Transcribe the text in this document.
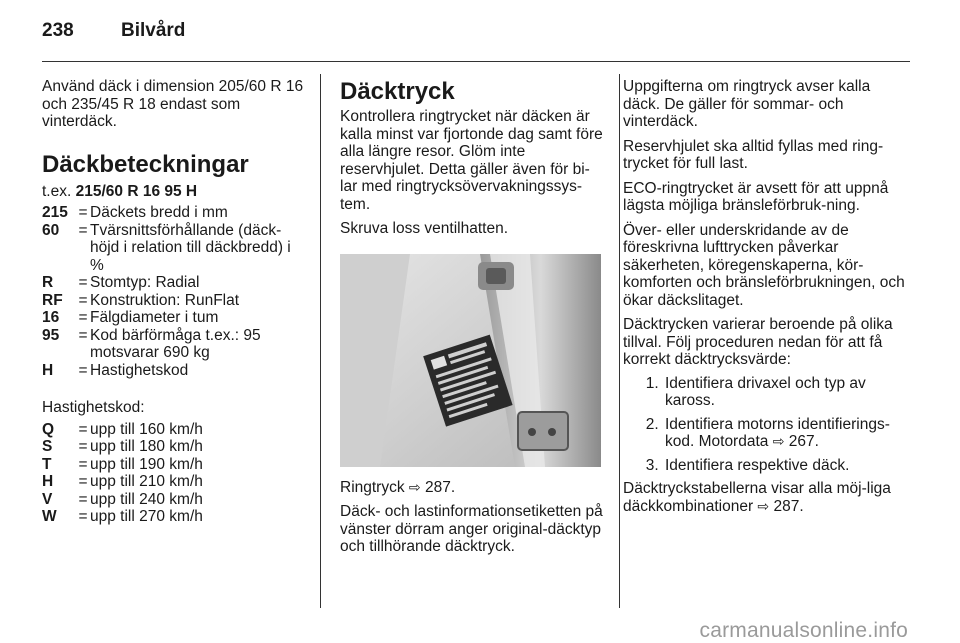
238 Bilvård

Använd däck i dimension 205/60 R 16 och 235/45 R 18 endast som vinterdäck.

Däckbeteckningar

t.ex. 215/60 R 16 95 H

215 = Däckets bredd i mm
60	= Tvärsnittsförhållande (däck-höjd i relation till däckbredd) i %
R	= Stomtyp: Radial
RF	= Konstruktion: RunFlat
16	= Fälgdiameter i tum
95	= Kod bärförmåga t.ex.: 95 motsvarar 690 kg
H	= Hastighetskod

Hastighetskod:

Q	= upp till 160 km/h
S	= upp till 180 km/h
T	= upp till 190 km/h
H	= upp till 210 km/h
V	= upp till 240 km/h
W	= upp till 270 km/h
Däcktryck

Kontrollera ringtrycket när däcken är kalla minst var fjortonde dag samt före alla längre resor. Glöm inte reservhjulet. Detta gäller även för bi-lar med ringtrycksövervakningssys-tem.

Skruva loss ventilhatten.

Ringtryck ⇨ 287.

Däck- och lastinformationsetiketten på vänster dörram anger original-däcktyp och tillhörande däcktryck.

Uppgifterna om ringtryck avser kalla däck. De gäller för sommar- och vinterdäck.

Reservhjulet ska alltid fyllas med ring-trycket för full last.

ECO-ringtrycket är avsett för att uppnå lägsta möjliga bränsleförbruk-ning.

Över- eller underskridande av de föreskrivna lufttrycken påverkar säkerheten, köregenskaperna, kör-komforten och bränsleförbrukningen, och ökar däckslitaget.

Däcktrycken varierar beroende på olika tillval. Följ proceduren nedan för att få korrekt däcktrycksvärde:

1. Identifiera drivaxel och typ av kaross.
2. Identifiera motorns identifierings-kod. Motordata ⇨ 267.
3. Identifiera respektive däck.

Däcktryckstabellerna visar alla möj-liga däckkombinationer ⇨ 287.

carmanualsonline.info
